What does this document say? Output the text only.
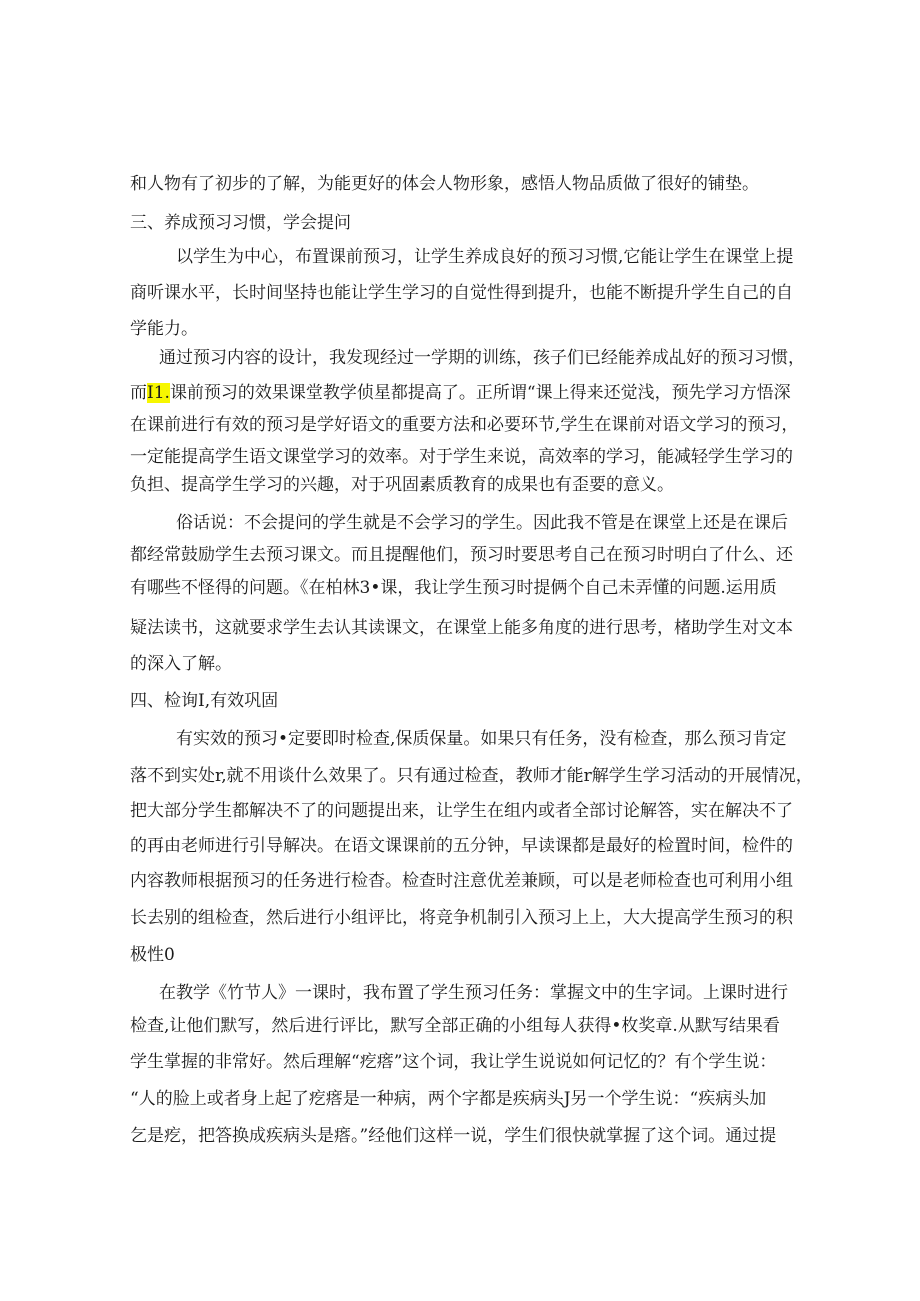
和人物有了初步的了解，为能更好的体会人物形象，感悟人物品质做了很好的铺垫。
三、养成预习习惯，学会提问
以学生为中心，布置课前预习，让学生养成良好的预习习惯,它能让学生在课堂上提
商听课水平，长时间坚持也能让学生学习的自觉性得到提升，也能不断提升学生自己的自
学能力。
通过预习内容的设计，我发现经过一学期的训练，孩子们已经能养成乩好的预习习惯，
而I1.课前预习的效果课堂教学侦星都提高了。正所谓“课上得来还觉浅，预先学习方悟深
在课前进行有效的预习是学好语文的重要方法和必要环节,学生在课前对语文学习的预习，
一定能提高学生语文课堂学习的效率。对于学生来说，高效率的学习，能减轻学生学习的
负担、提高学生学习的兴趣，对于巩固素质教育的成果也有歪要的意义。
俗话说：不会提问的学生就是不会学习的学生。因此我不管是在课堂上还是在课后
都经常鼓励学生去预习课文。而且提醒他们，预习时要思考自己在预习时明白了什么、还
有哪些不怪得的问题。《在柏林3•课，我让学生预习时提俩个自己未弄懂的问题.运用质
疑法读书，这就要求学生去认其读课文，在课堂上能多角度的进行思考，楮助学生对文本
的深入了解。
四、检询I,有效巩固
有实效的预习•定要即时检查,保质保量。如果只有任务，没有检查，那么预习肯定
落不到实处r,就不用谈什么效果了。只有通过检查，教师才能r解学生学习活动的开展情况，
把大部分学生都解决不了的问题提出来，让学生在组内或者全部讨论解答，实在解决不了
的再由老师进行引导解决。在语文课课前的五分钟，早读课都是最好的检置时间，检件的
内容教师根据预习的任务进行检杳。检查时注意优差兼顾，可以是老师检查也可利用小组
长去别的组检查，然后进行小组评比，将竞争机制引入预习上上，大大提高学生预习的积
极性0
在教学《竹节人》一课时，我布置了学生预习任务：掌握文中的生字词。上课时进行
检查,让他们默写，然后进行评比，默写全部正确的小组每人获得•枚奖章.从默写结果看
学生掌握的非常好。然后理解“疙瘩”这个词，我让学生说说如何记忆的？有个学生说：
“人的脸上或者身上起了疙瘩是一种病，两个字都是疾病头J另一个学生说：“疾病头加
乞是疙，把答换成疾病头是瘩。”经他们这样一说，学生们很快就掌握了这个词。通过提
